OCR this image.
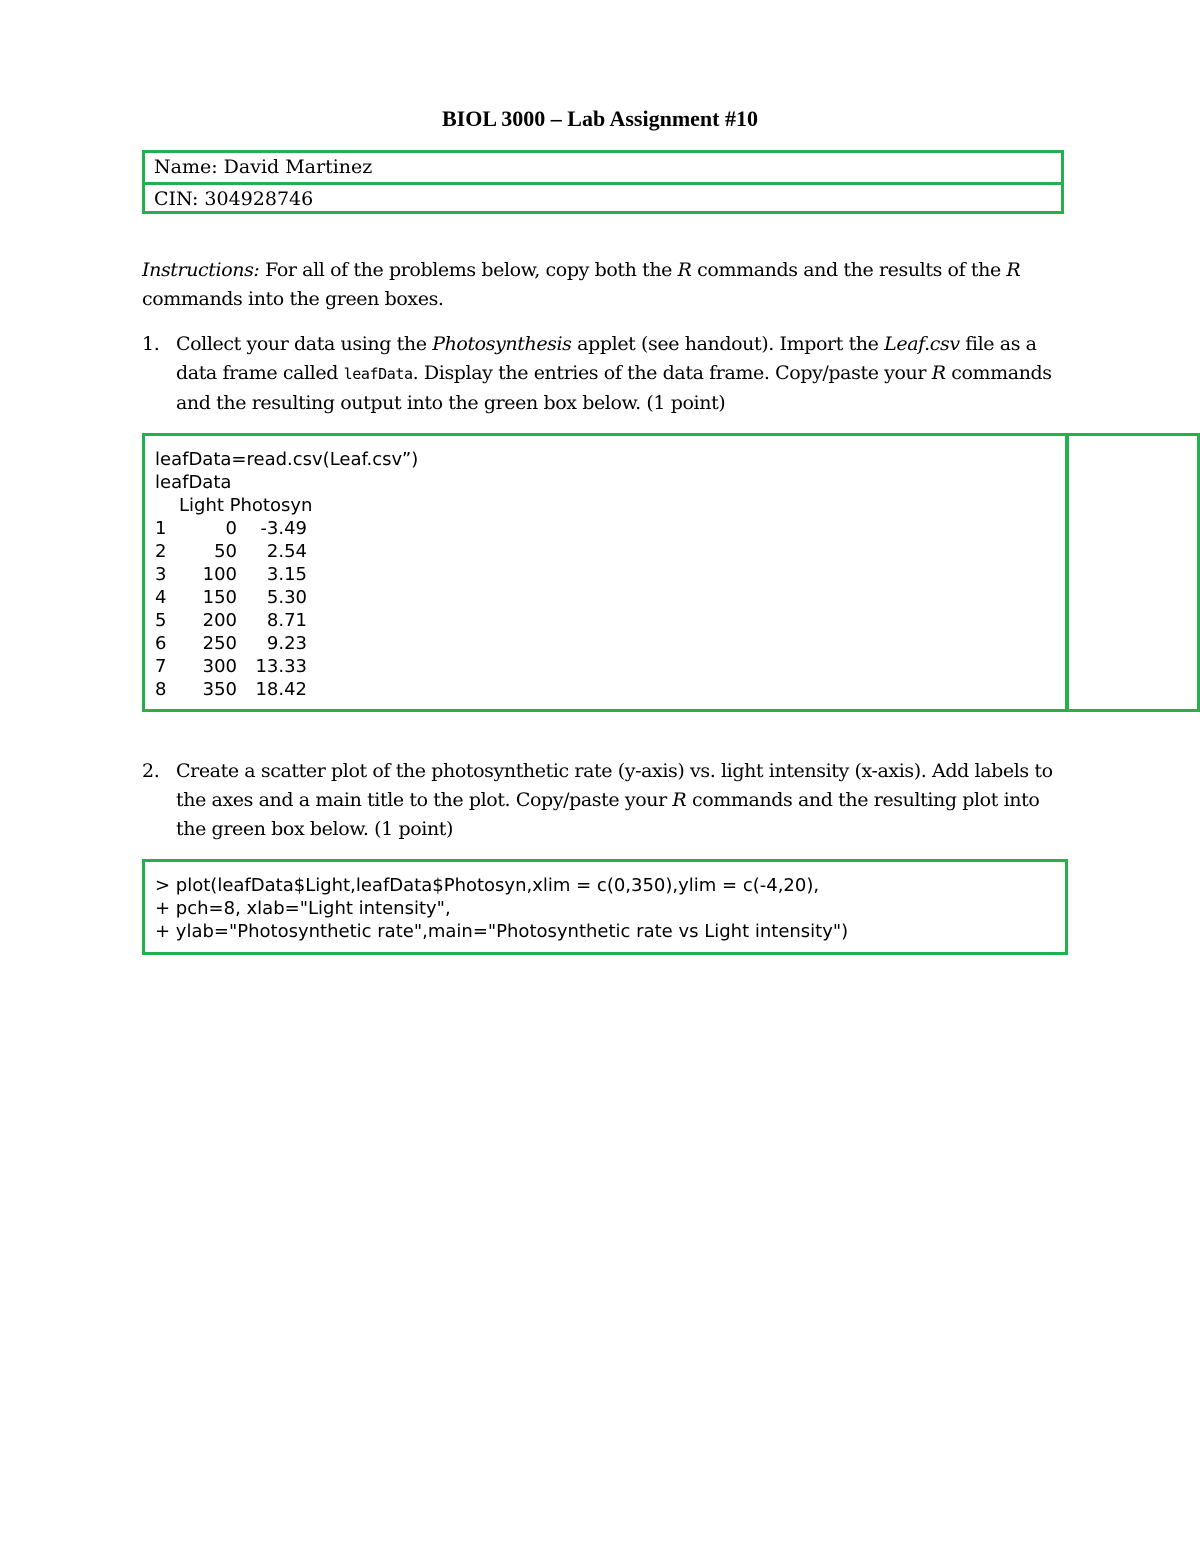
BIOL 3000 – Lab Assignment #10
Name: David Martinez
CIN: 304928746
Instructions: For all of the problems below, copy both the R commands and the results of the R commands into the green boxes.
1. Collect your data using the Photosynthesis applet (see handout). Import the Leaf.csv file as a data frame called leafData. Display the entries of the data frame. Copy/paste your R commands and the resulting output into the green box below. (1 point)
leafData=read.csv(Leaf.csv”)
leafData
Light Photosyn
1	0	-3.49
2	50	2.54
3	100	3.15
4	150	5.30
5	200	8.71
6	250	9.23
7	300	13.33
8	350	18.42
2. Create a scatter plot of the photosynthetic rate (y-axis) vs. light intensity (x-axis). Add labels to the axes and a main title to the plot. Copy/paste your R commands and the resulting plot into the green box below. (1 point)
> plot(leafData$Light,leafData$Photosyn,xlim = c(0,350),ylim = c(-4,20),
+ pch=8, xlab="Light intensity",
+ ylab="Photosynthetic rate",main="Photosynthetic rate vs Light intensity")
